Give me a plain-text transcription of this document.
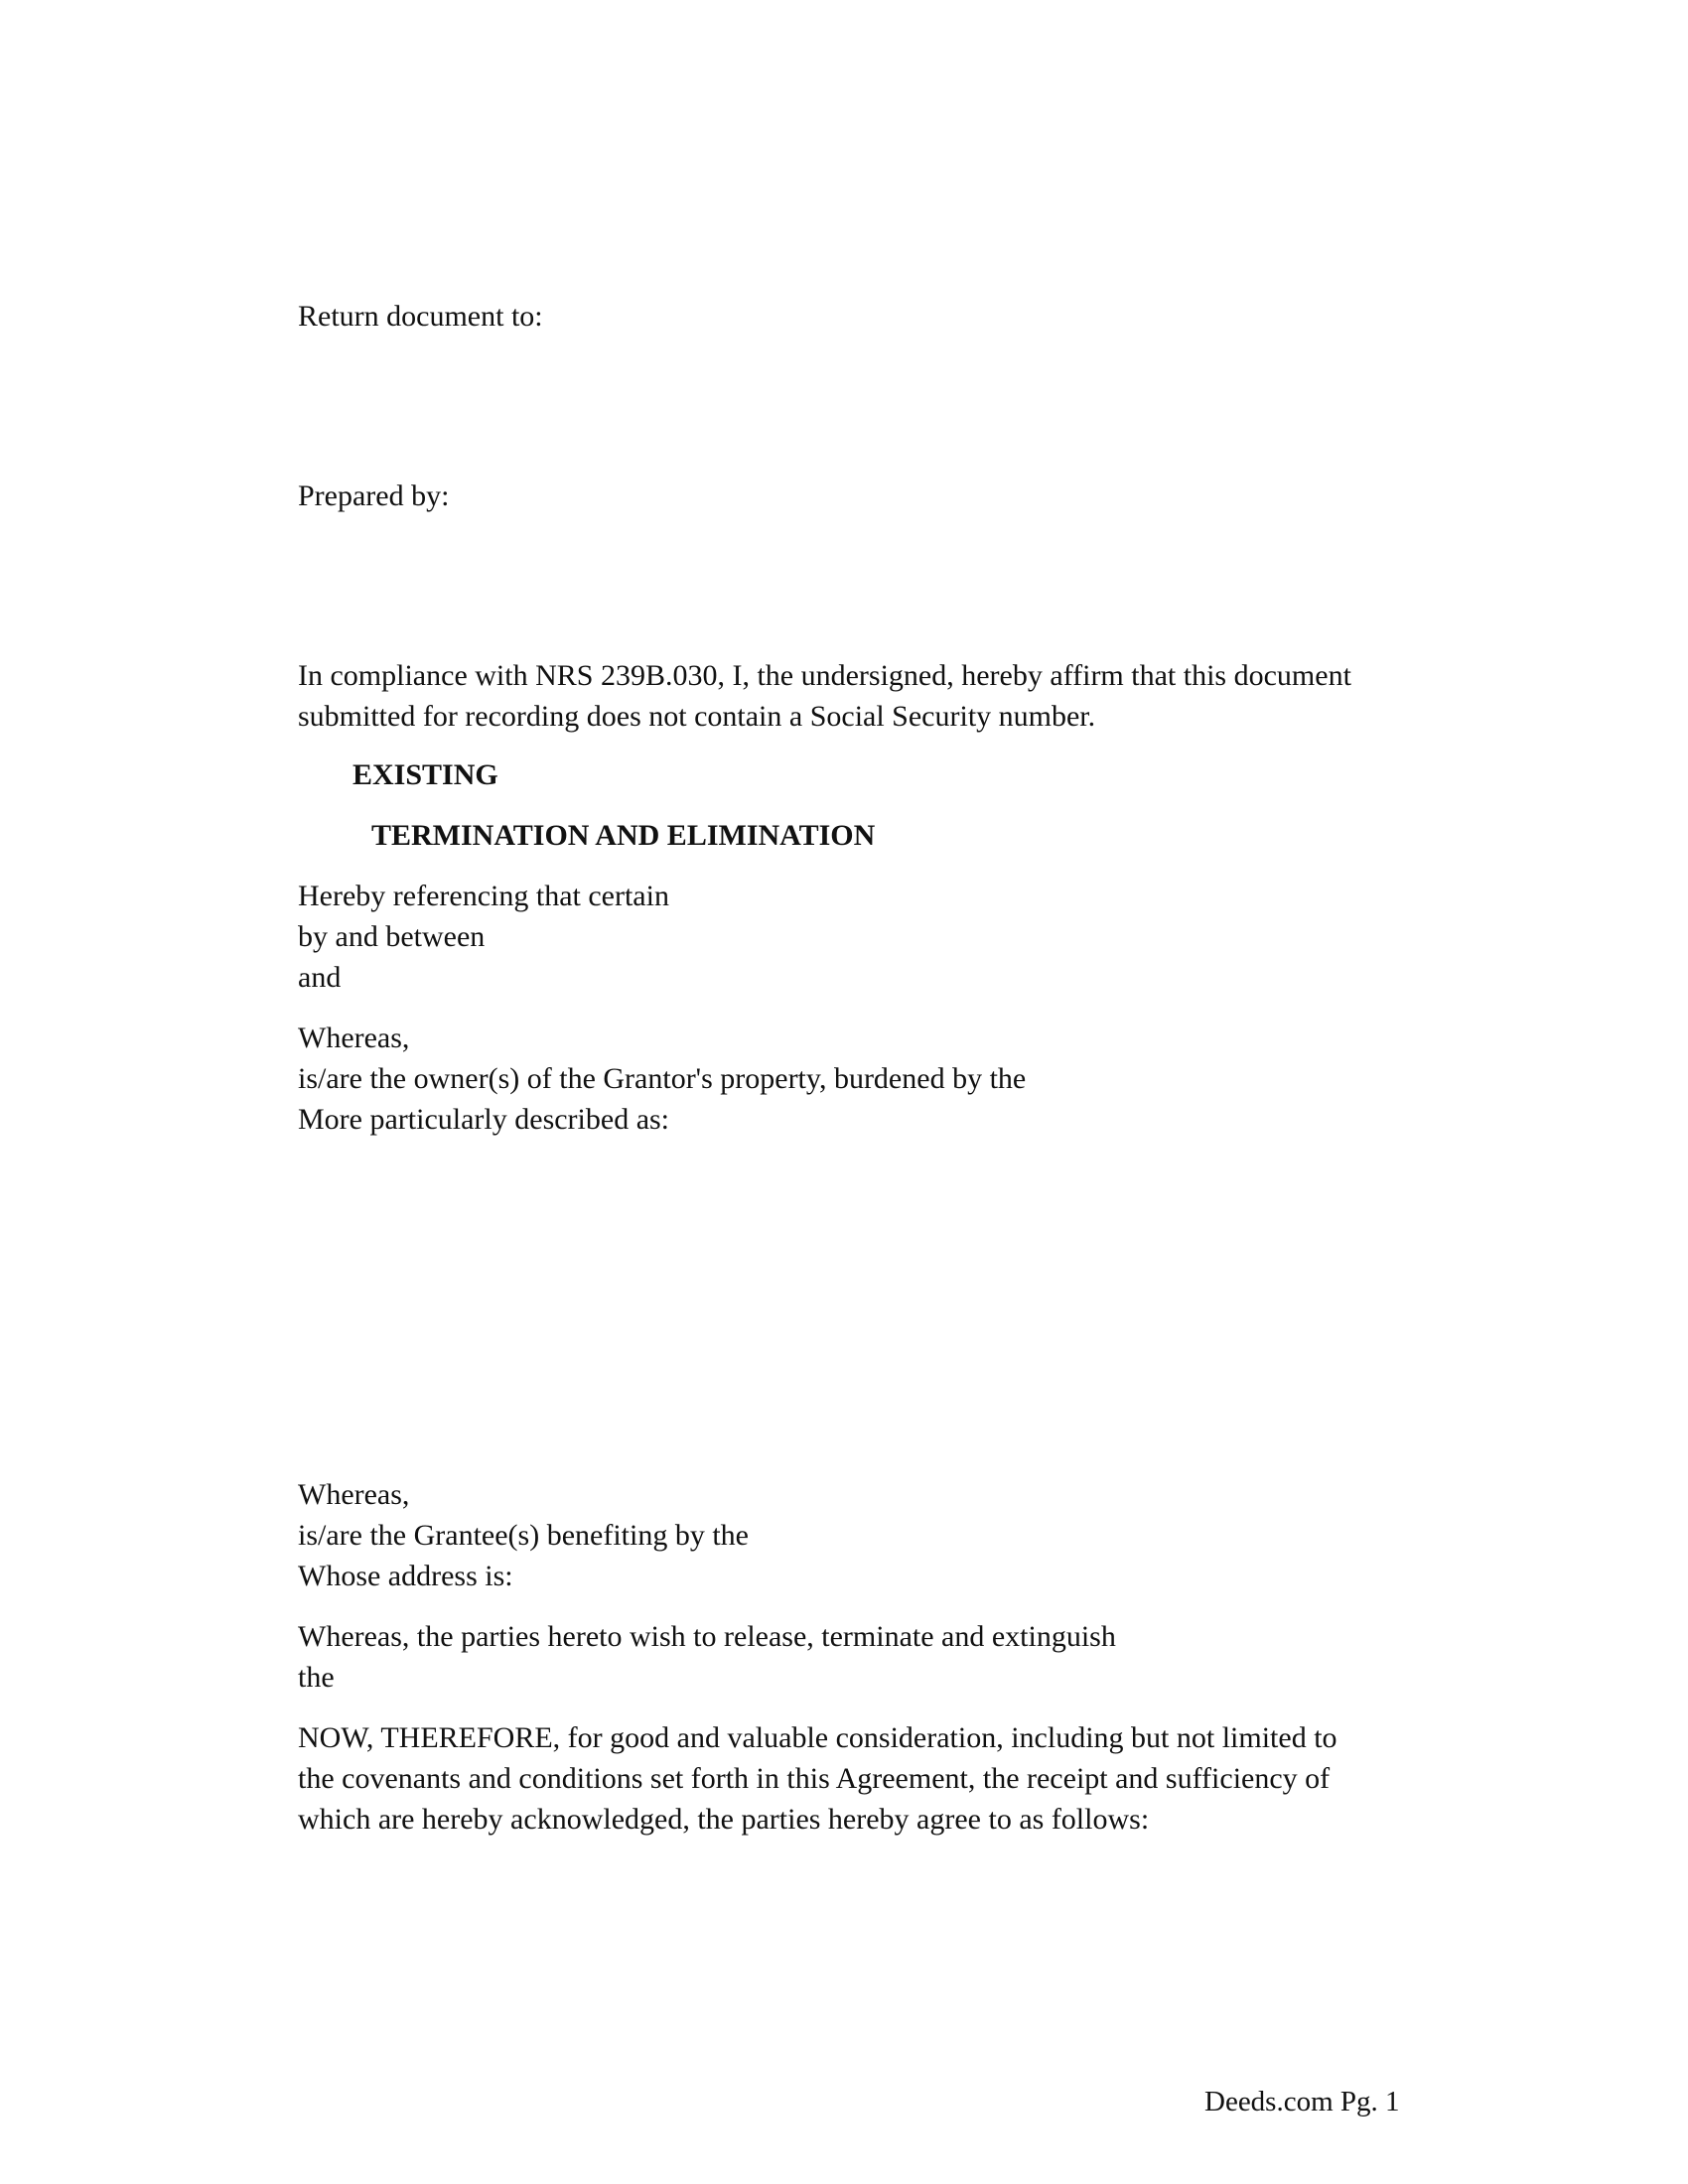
Return document to:
Prepared by:
In compliance with NRS 239B.030, I, the undersigned, hereby affirm that this document
submitted for recording does not contain a Social Security number.
EXISTING
TERMINATION AND ELIMINATION
Hereby referencing that certain
by and between
and
Whereas,
is/are the owner(s) of the Grantor's property, burdened by the
More particularly described as:
Whereas,
is/are the Grantee(s) benefiting by the
Whose address is:
Whereas, the parties hereto wish to release, terminate and extinguish
the
NOW, THEREFORE, for good and valuable consideration, including but not limited to
the covenants and conditions set forth in this Agreement, the receipt and sufficiency of
which are hereby acknowledged, the parties hereby agree to as follows:
Deeds.com Pg. 1
